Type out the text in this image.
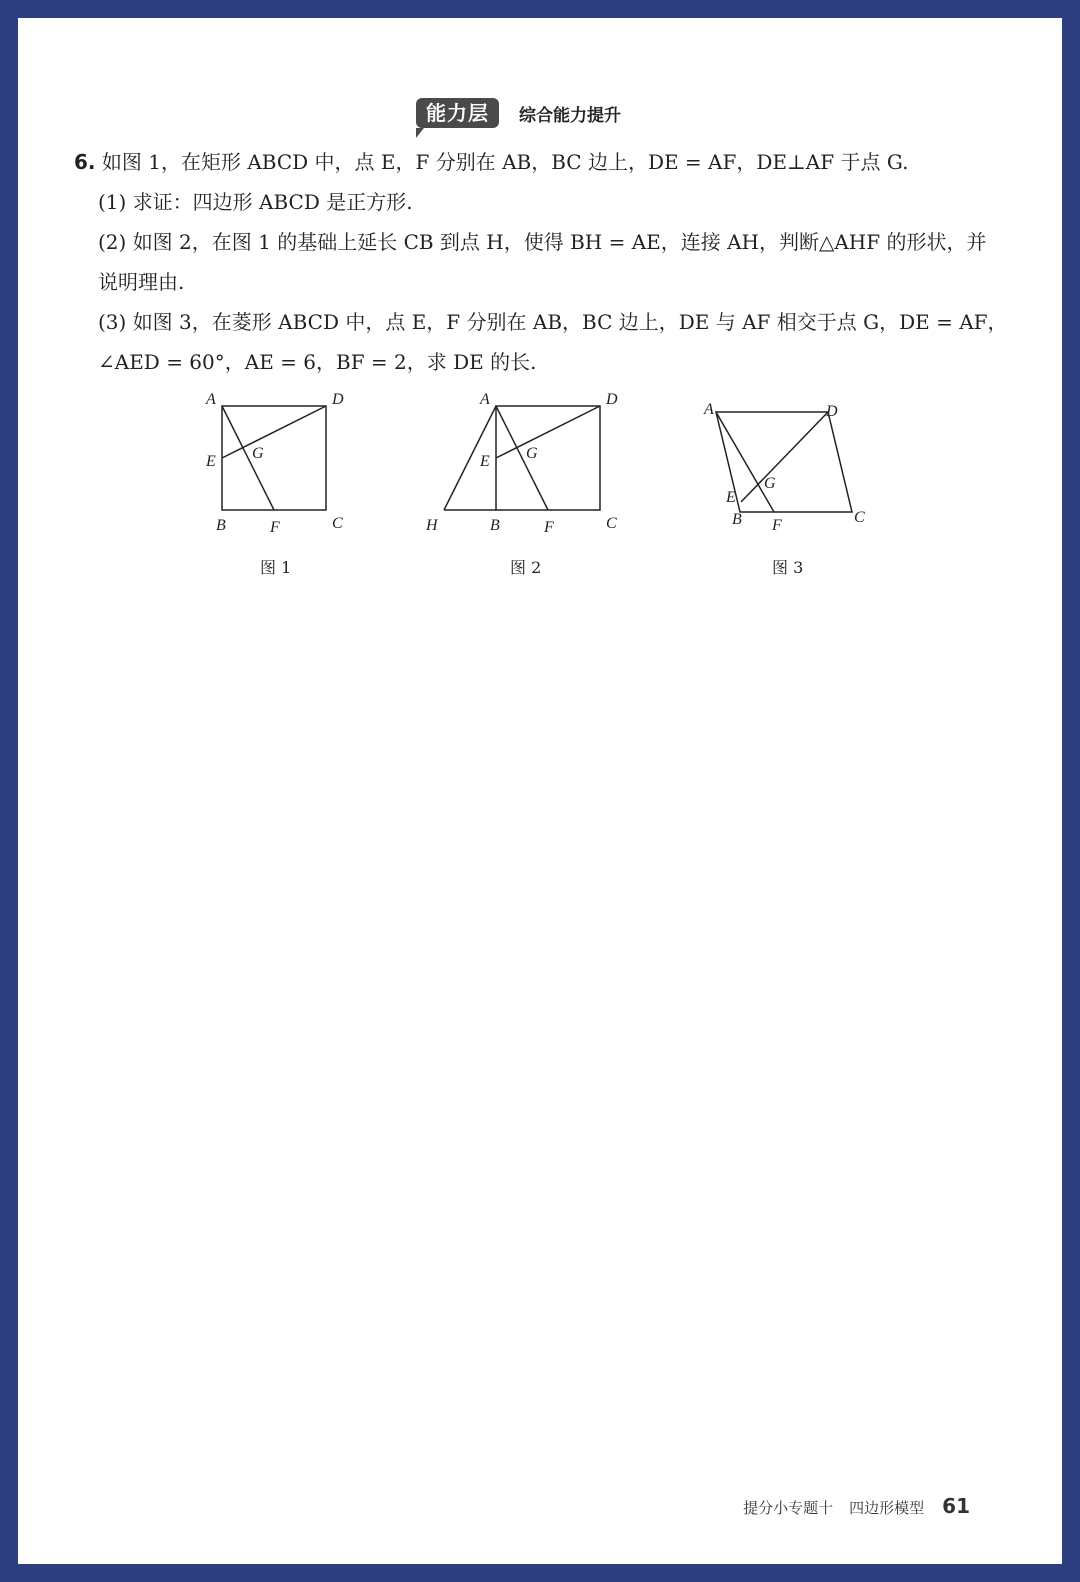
能力层	综合能力提升
6. 如图 1，在矩形 ABCD 中，点 E，F 分别在 AB，BC 边上，DE = AF，DE⊥AF 于点 G.
(1) 求证：四边形 ABCD 是正方形.
(2) 如图 2，在图 1 的基础上延长 CB 到点 H，使得 BH = AE，连接 AH，判断△AHF 的形状，并
说明理由.
(3) 如图 3，在菱形 ABCD 中，点 E，F 分别在 AB，BC 边上，DE 与 AF 相交于点 G，DE = AF，
∠AED = 60°，AE = 6，BF = 2，求 DE 的长.
A	D
E G
B	F	C
图 1
A	D
E G
H	B	F	C
图 2
A	D
E
G
B F	C
图 3
提分小专题十 四边形模型 61
